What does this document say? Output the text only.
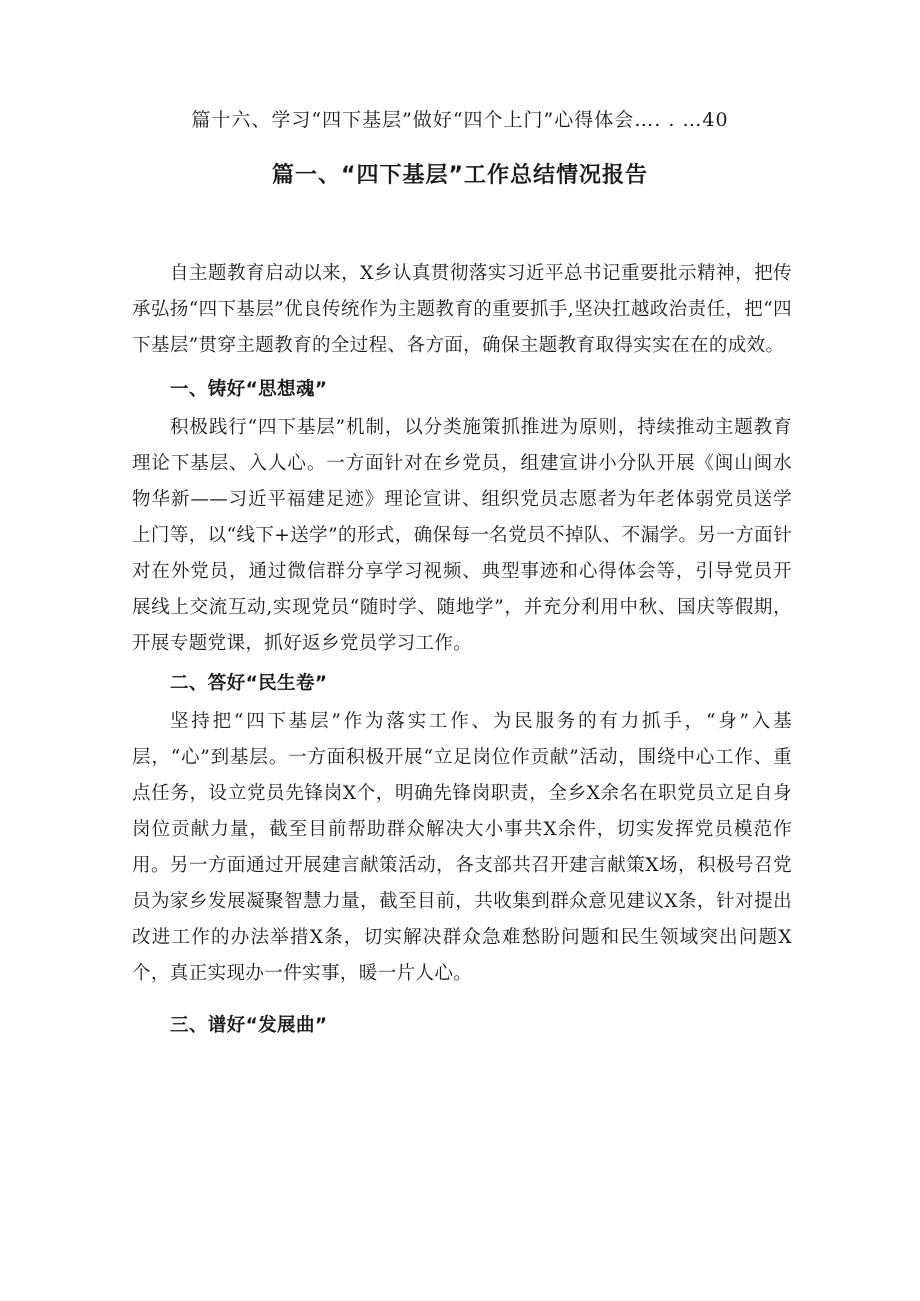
篇十六、学习“四下基层”做好“四个上门”心得体会…. . …40
篇一、“四下基层”工作总结情况报告

自主题教育启动以来，X乡认真贯彻落实习近平总书记重要批示精神，把传承弘扬“四下基层”优良传统作为主题教育的重要抓手,坚决扛越政治责任，把“四下基层”贯穿主题教育的全过程、各方面，确保主题教育取得实实在在的成效。

一、铸好“思想魂”

积极践行“四下基层”机制，以分类施策抓推进为原则，持续推动主题教育理论下基层、入人心。一方面针对在乡党员，组建宣讲小分队开展《闽山闽水物华新——习近平福建足迹》理论宣讲、组织党员志愿者为年老体弱党员送学上门等，以“线下+送学”的形式，确保每一名党员不掉队、不漏学。另一方面针对在外党员，通过微信群分享学习视频、典型事迹和心得体会等，引导党员开展线上交流互动,实现党员“随时学、随地学”，并充分利用中秋、国庆等假期，开展专题党课，抓好返乡党员学习工作。

二、答好“民生卷”

坚持把“四下基层”作为落实工作、为民服务的有力抓手，“身”入基层，“心”到基层。一方面积极开展“立足岗位作贡献”活动，围绕中心工作、重点任务，设立党员先锋岗X个，明确先锋岗职责，全乡X余名在职党员立足自身岗位贡献力量，截至目前帮助群众解决大小事共X余件，切实发挥党员模范作用。另一方面通过开展建言献策活动，各支部共召开建言献策X场，积极号召党员为家乡发展凝聚智慧力量，截至目前，共收集到群众意见建议X条，针对提出改进工作的办法举措X条，切实解决群众急难愁盼问题和民生领域突出问题X个，真正实现办一件实事，暖一片人心。

三、谱好“发展曲”
